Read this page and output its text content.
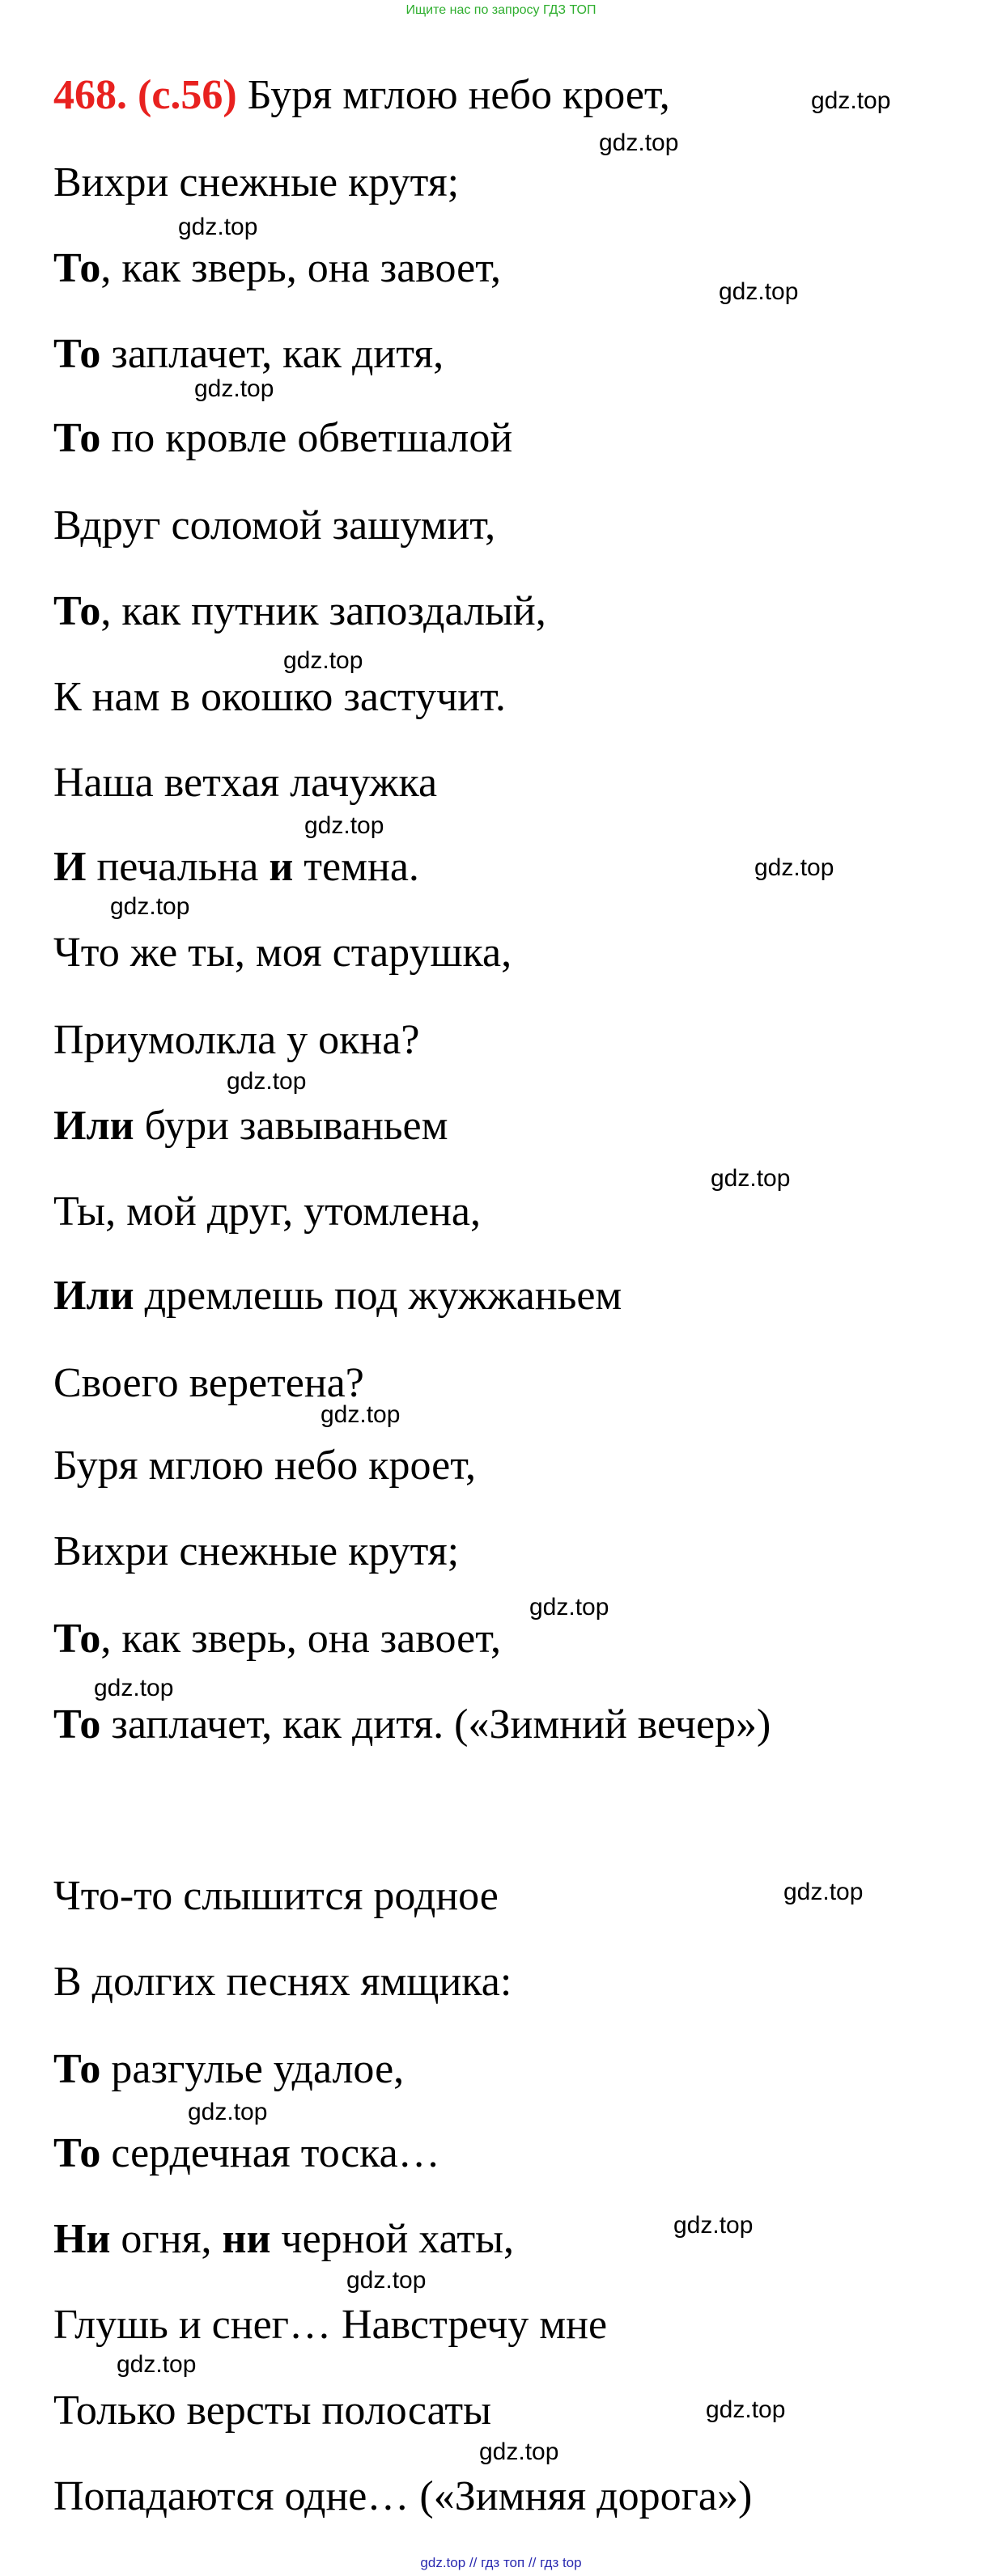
Ищите нас по запросу ГДЗ ТОП
468. (с.56) Буря мглою небо кроет,
Вихри снежные крутя;
То, как зверь, она завоет,
То заплачет, как дитя,
То по кровле обветшалой
Вдруг соломой зашумит,
То, как путник запоздалый,
К нам в окошко застучит.
Наша ветхая лачужка
И печальна и темна.
Что же ты, моя старушка,
Приумолкла у окна?
Или бури завываньем
Ты, мой друг, утомлена,
Или дремлешь под жужжаньем
Своего веретена?
Буря мглою небо кроет,
Вихри снежные крутя;
То, как зверь, она завоет,
То заплачет, как дитя. («Зимний вечер»)
Что-то слышится родное
В долгих песнях ямщика:
То разгулье удалое,
То сердечная тоска…
Ни огня, ни черной хаты,
Глушь и снег… Навстречу мне
Только версты полосаты
Попадаются одне… («Зимняя дорога»)
gdz.top
gdz.top
gdz.top
gdz.top
gdz.top
gdz.top
gdz.top
gdz.top
gdz.top
gdz.top
gdz.top
gdz.top
gdz.top
gdz.top
gdz.top
gdz.top
gdz.top
gdz.top
gdz.top
gdz.top
gdz.top
gdz.top // гдз топ // гдз top
